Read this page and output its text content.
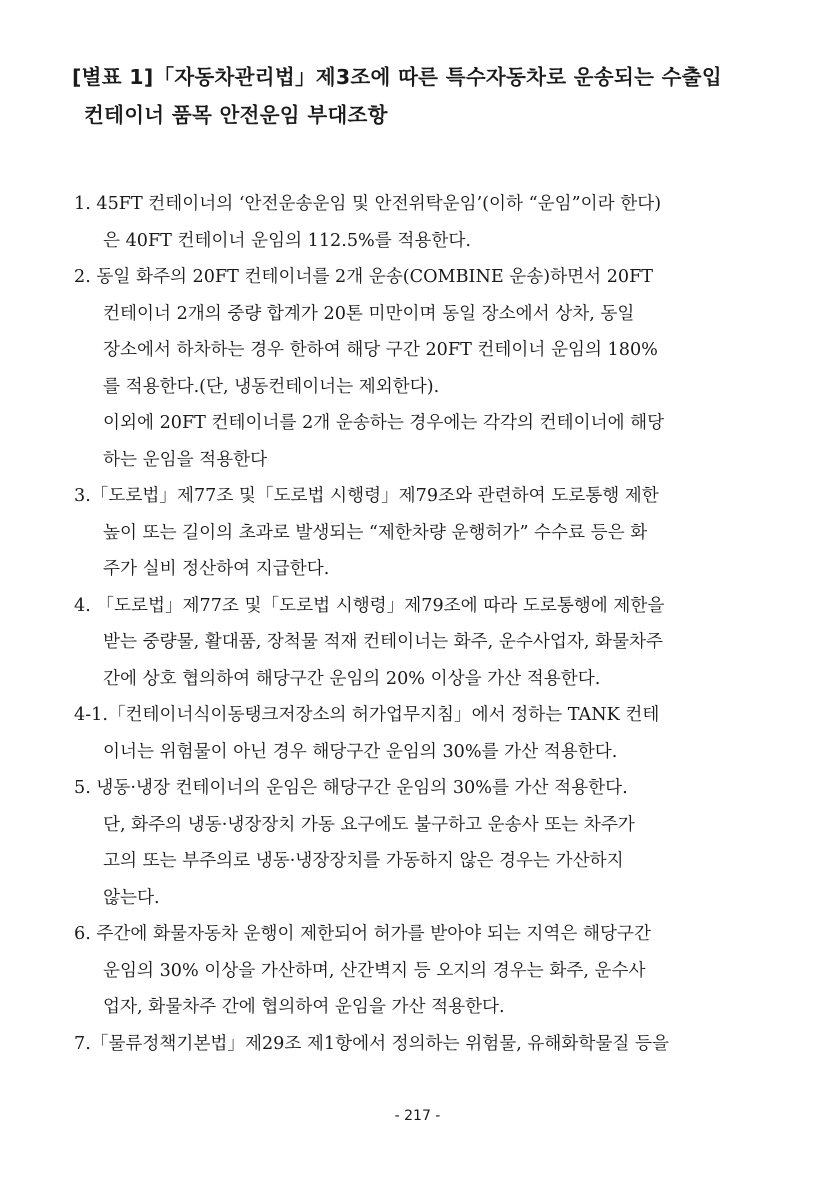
[별표 1]「자동차관리법」제3조에 따른 특수자동차로 운송되는 수출입
컨테이너 품목 안전운임 부대조항
1. 45FT 컨테이너의 ‘안전운송운임 및 안전위탁운임’(이하 “운임”이라 한다)
은 40FT 컨테이너 운임의 112.5%를 적용한다.
2. 동일 화주의 20FT 컨테이너를 2개 운송(COMBINE 운송)하면서 20FT
컨테이너 2개의 중량 합계가 20톤 미만이며 동일 장소에서 상차, 동일
장소에서 하차하는 경우 한하여 해당 구간 20FT 컨테이너 운임의 180%
를 적용한다.(단, 냉동컨테이너는 제외한다).
이외에 20FT 컨테이너를 2개 운송하는 경우에는 각각의 컨테이너에 해당
하는 운임을 적용한다
3.「도로법」제77조 및「도로법 시행령」제79조와 관련하여 도로통행 제한
높이 또는 길이의 초과로 발생되는 “제한차량 운행허가” 수수료 등은 화
주가 실비 정산하여 지급한다.
4. 「도로법」제77조 및「도로법 시행령」제79조에 따라 도로통행에 제한을
받는 중량물, 활대품, 장척물 적재 컨테이너는 화주, 운수사업자, 화물차주
간에 상호 협의하여 해당구간 운임의 20% 이상을 가산 적용한다.
4-1.「컨테이너식이동탱크저장소의 허가업무지침」에서 정하는 TANK 컨테
이너는 위험물이 아닌 경우 해당구간 운임의 30%를 가산 적용한다.
5. 냉동·냉장 컨테이너의 운임은 해당구간 운임의 30%를 가산 적용한다.
단, 화주의 냉동·냉장장치 가동 요구에도 불구하고 운송사 또는 차주가
고의 또는 부주의로 냉동·냉장장치를 가동하지 않은 경우는 가산하지
않는다.
6. 주간에 화물자동차 운행이 제한되어 허가를 받아야 되는 지역은 해당구간
운임의 30% 이상을 가산하며, 산간벽지 등 오지의 경우는 화주, 운수사
업자, 화물차주 간에 협의하여 운임을 가산 적용한다.
7.「물류정책기본법」제29조 제1항에서 정의하는 위험물, 유해화학물질 등을
- 217 -
